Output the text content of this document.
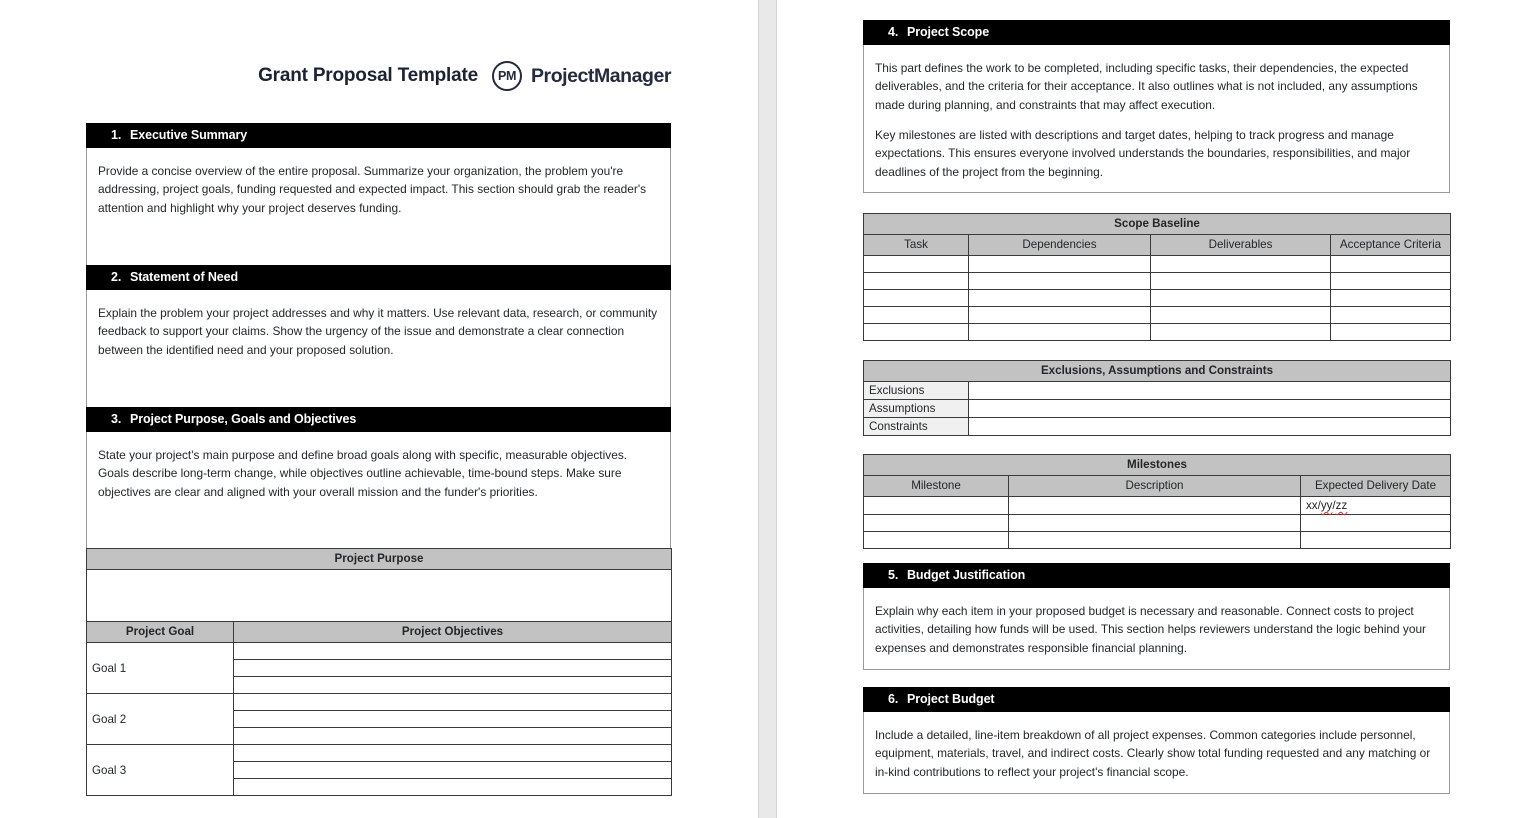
Grant Proposal Template	PM ProjectManager
1. Executive Summary

Provide a concise overview of the entire proposal. Summarize your organization, the problem you're addressing, project goals, funding requested and expected impact. This section should grab the reader's attention and highlight why your project deserves funding.

2. Statement of Need

Explain the problem your project addresses and why it matters. Use relevant data, research, or community feedback to support your claims. Show the urgency of the issue and demonstrate a clear connection between the identified need and your proposed solution.

3. Project Purpose, Goals and Objectives

State your project's main purpose and define broad goals along with specific, measurable objectives. Goals describe long-term change, while objectives outline achievable, time-bound steps. Make sure objectives are clear and aligned with your overall mission and the funder's priorities.

Project Purpose	

Project Goal	Project Objectives
Goal 1	

Goal 2	

Goal 3	

4. Project Scope

This part defines the work to be completed, including specific tasks, their dependencies, the expected deliverables, and the criteria for their acceptance. It also outlines what is not included, any assumptions made during planning, and constraints that may affect execution.

Key milestones are listed with descriptions and target dates, helping to track progress and manage expectations. This ensures everyone involved understands the boundaries, responsibilities, and major deadlines of the project from the beginning.

Scope Baseline			
Task	Dependencies	Deliverables	Acceptance Criteria

Exclusions, Assumptions and Constraints	
Exclusions	
Assumptions	
Constraints	
Milestones		
Milestone	Description	Expected Delivery Date
		xx/yy/zz

5. Budget Justification

Explain why each item in your proposed budget is necessary and reasonable. Connect costs to project activities, detailing how funds will be used. This section helps reviewers understand the logic behind your expenses and demonstrates responsible financial planning.

6. Project Budget

Include a detailed, line-item breakdown of all project expenses. Common categories include personnel, equipment, materials, travel, and indirect costs. Clearly show total funding requested and any matching or in-kind contributions to reflect your project's financial scope.
